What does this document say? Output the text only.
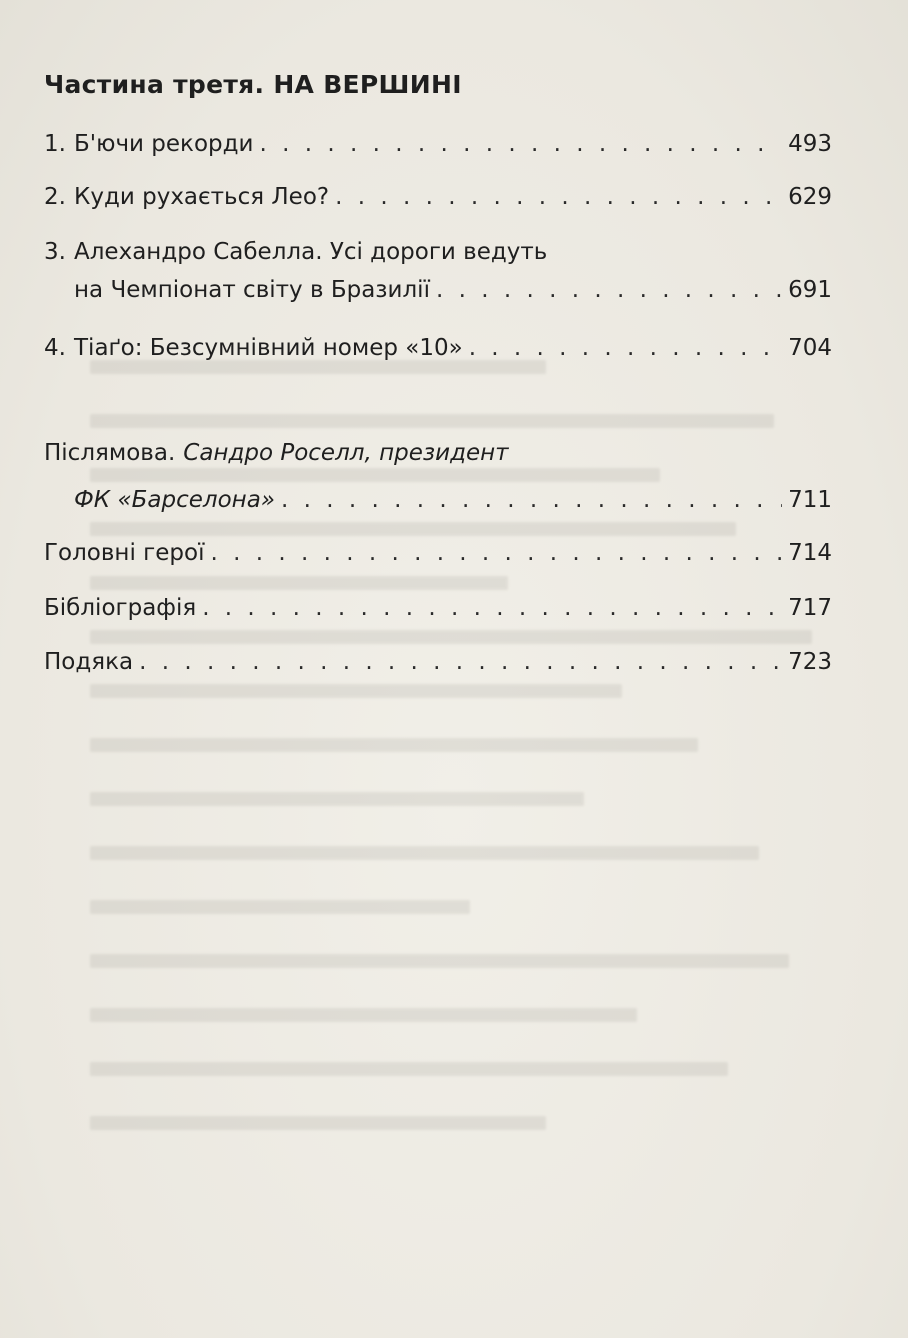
Частина третя. НА ВЕРШИНІ
1. Б'ючи рекорди . . .	493
2. Куди рухається Лео? . . .	629
3. Алехандро Сабелла. Усі дороги ведуть
на Чемпіонат світу в Бразилії . . .	691
4. Тіаґо: Безсумнівний номер «10» . . .	704
Післямова. Сандро Роселл, президент
ФК «Барселона» . . .	711
Головні герої . . .	714
Бібліографія . . .	717
Подяка . . .	723
